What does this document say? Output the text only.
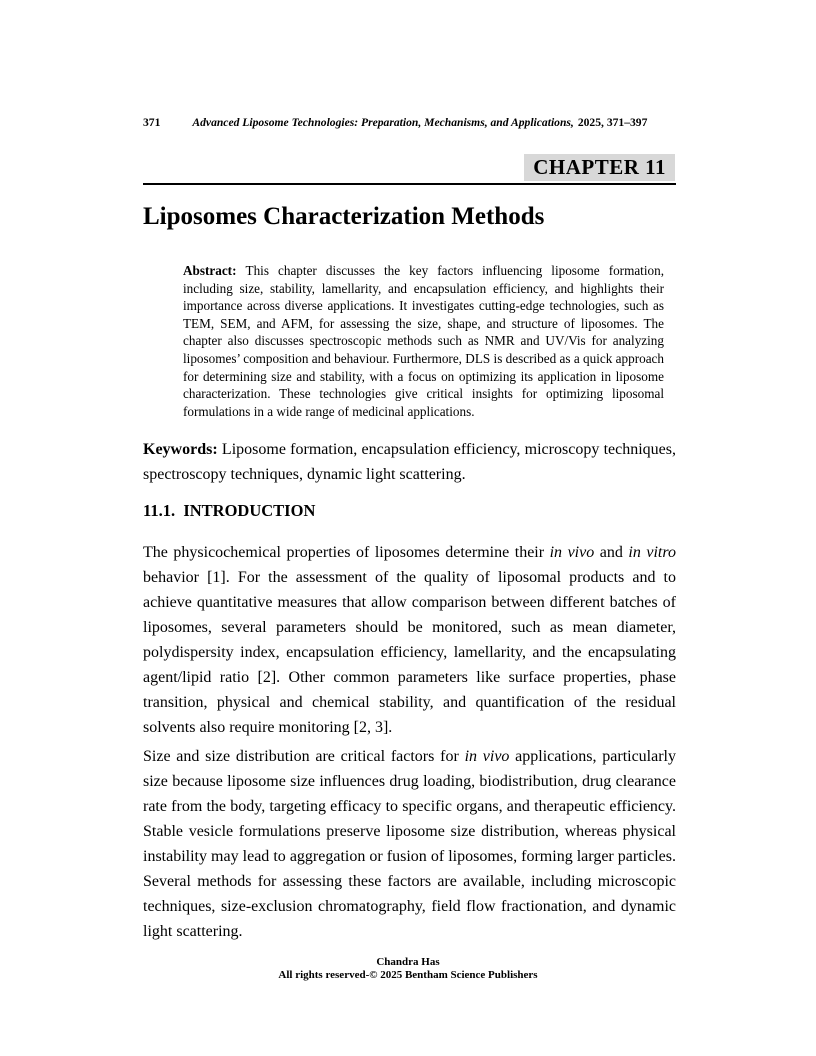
371	Advanced Liposome Technologies: Preparation, Mechanisms, and Applications, 2025, 371–397
CHAPTER 11
Liposomes Characterization Methods
Abstract: This chapter discusses the key factors influencing liposome formation, including size, stability, lamellarity, and encapsulation efficiency, and highlights their importance across diverse applications. It investigates cutting-edge technologies, such as TEM, SEM, and AFM, for assessing the size, shape, and structure of liposomes. The chapter also discusses spectroscopic methods such as NMR and UV/Vis for analyzing liposomes’ composition and behaviour. Furthermore, DLS is described as a quick approach for determining size and stability, with a focus on optimizing its application in liposome characterization. These technologies give critical insights for optimizing liposomal formulations in a wide range of medicinal applications.
Keywords: Liposome formation, encapsulation efficiency, microscopy techniques, spectroscopy techniques, dynamic light scattering.
11.1.  INTRODUCTION
The physicochemical properties of liposomes determine their in vivo and in vitro behavior [1]. For the assessment of the quality of liposomal products and to achieve quantitative measures that allow comparison between different batches of liposomes, several parameters should be monitored, such as mean diameter, polydispersity index, encapsulation efficiency, lamellarity, and the encapsulating agent/lipid ratio [2]. Other common parameters like surface properties, phase transition, physical and chemical stability, and quantification of the residual solvents also require monitoring [2, 3].
Size and size distribution are critical factors for in vivo applications, particularly size because liposome size influences drug loading, biodistribution, drug clearance rate from the body, targeting efficacy to specific organs, and therapeutic efficiency. Stable vesicle formulations preserve liposome size distribution, whereas physical instability may lead to aggregation or fusion of liposomes, forming larger particles. Several methods for assessing these factors are available, including microscopic techniques, size-exclusion chromatography, field flow fractionation, and dynamic light scattering.
Chandra Has
All rights reserved-© 2025 Bentham Science Publishers
